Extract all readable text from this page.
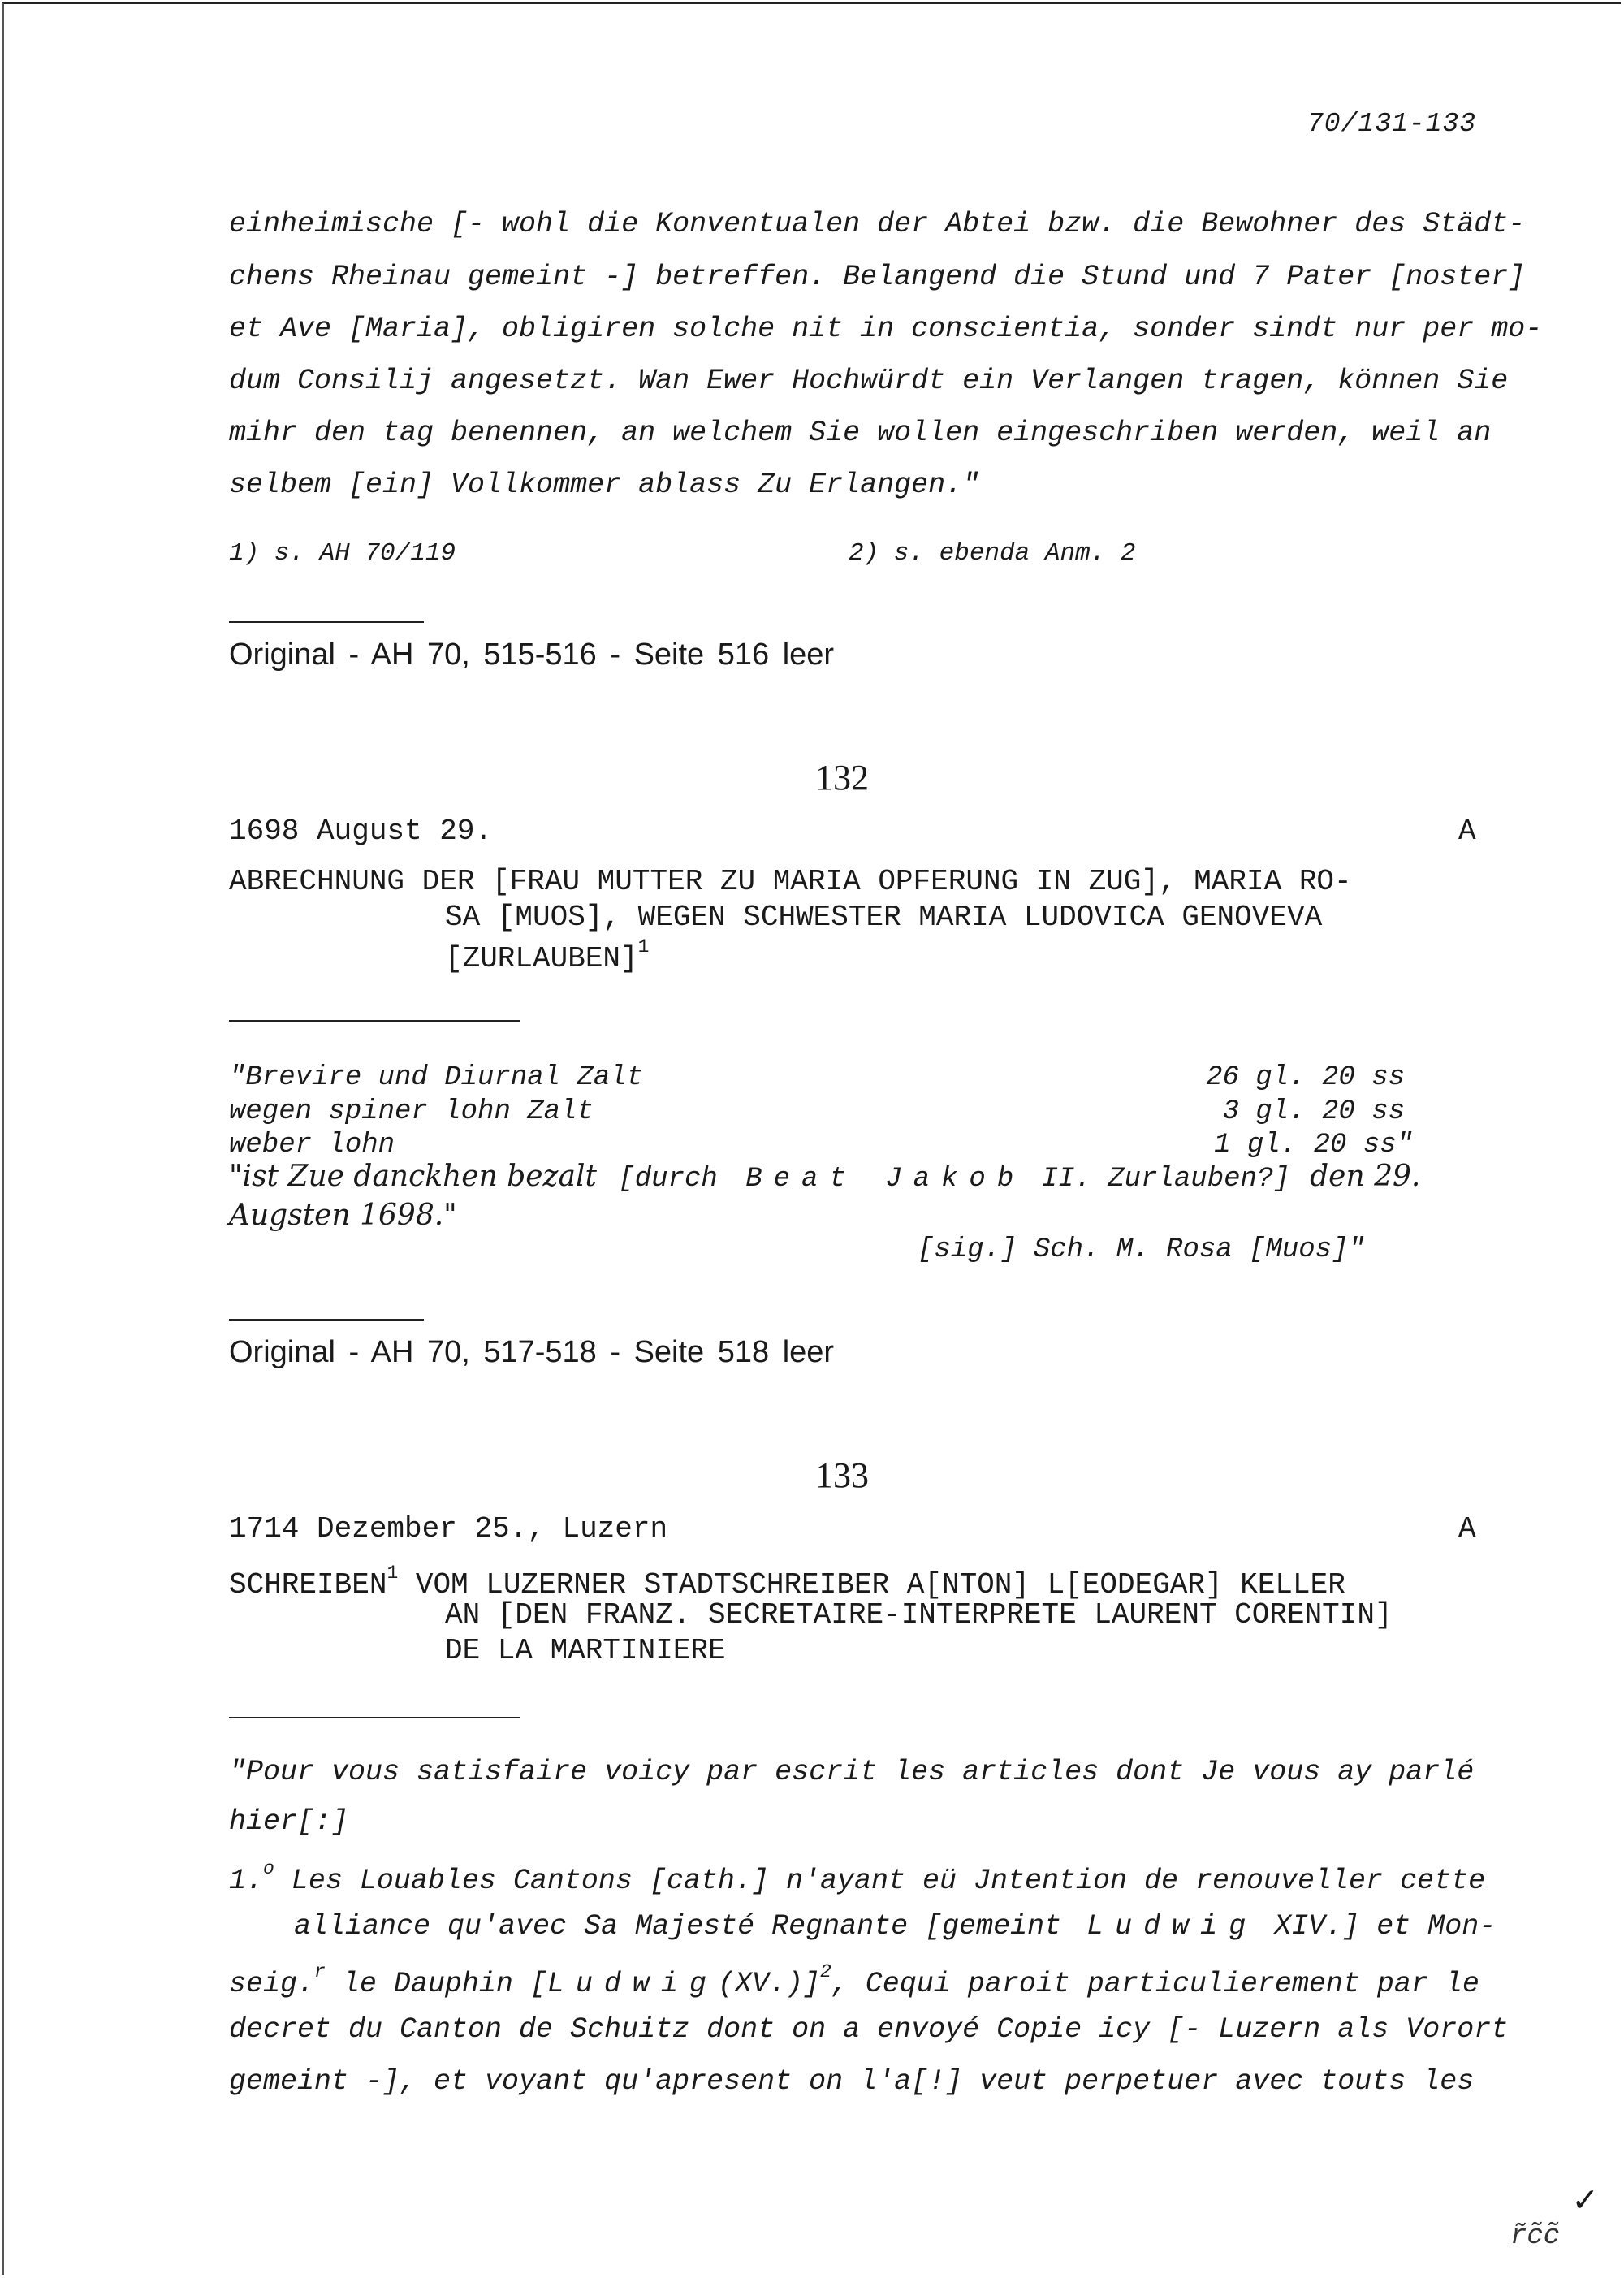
70/131-133
einheimische [- wohl die Konventualen der Abtei bzw. die Bewohner des Städt-
chens Rheinau gemeint -] betreffen. Belangend die Stund und 7 Pater [noster]
et Ave [Maria], obligiren solche nit in conscientia, sonder sindt nur per mo-
dum Consilij angesetzt. Wan Ewer Hochwürdt ein Verlangen tragen, können Sie
mihr den tag benennen, an welchem Sie wollen eingeschriben werden, weil an
selbem [ein] Vollkommer ablass Zu Erlangen."
1) s. AH 70/119	2) s. ebenda Anm. 2
Original - AH 70, 515-516 - Seite 516 leer
132
1698 August 29.	A
ABRECHNUNG DER [FRAU MUTTER ZU MARIA OPFERUNG IN ZUG], MARIA RO-
SA [MUOS], WEGEN SCHWESTER MARIA LUDOVICA GENOVEVA
[ZURLAUBEN]$^1$
"Brevire und Diurnal Zalt	26 gl. 20 ss
wegen spiner lohn Zalt	3 gl. 20 ss
weber lohn	1 gl. 20 ss"
"ist Zue danckhen bezalt [durch Beat Jakob II. Zurlauben?] den 29.
Augsten 1698."
[sig.] Sch. M. Rosa [Muos]"
Original - AH 70, 517-518 - Seite 518 leer
133
1714 Dezember 25., Luzern	A
SCHREIBEN$^1$ VOM LUZERNER STADTSCHREIBER A[NTON] L[EODEGAR] KELLER
AN [DEN FRANZ. SECRETAIRE-INTERPRETE LAURENT CORENTIN]
DE LA MARTINIERE
"Pour vous satisfaire voicy par escrit les articles dont Je vous ay parlé
hier[:]
1.$^o$ Les Louables Cantons [cath.] n'ayant eü Jntention de renouveller cette
alliance qu'avec Sa Majesté Regnante [gemeint Ludwig XIV.] et Mon-
seig.$^r$ le Dauphin [Ludwig(XV.)]$^2$, Cequi paroit particulierement par le
decret du Canton de Schuitz dont on a envoyé Copie icy [- Luzern als Vorort
gemeint -], et voyant qu'apresent on l'a[!] veut perpetuer avec touts les
✓
r̃c̃c̃
